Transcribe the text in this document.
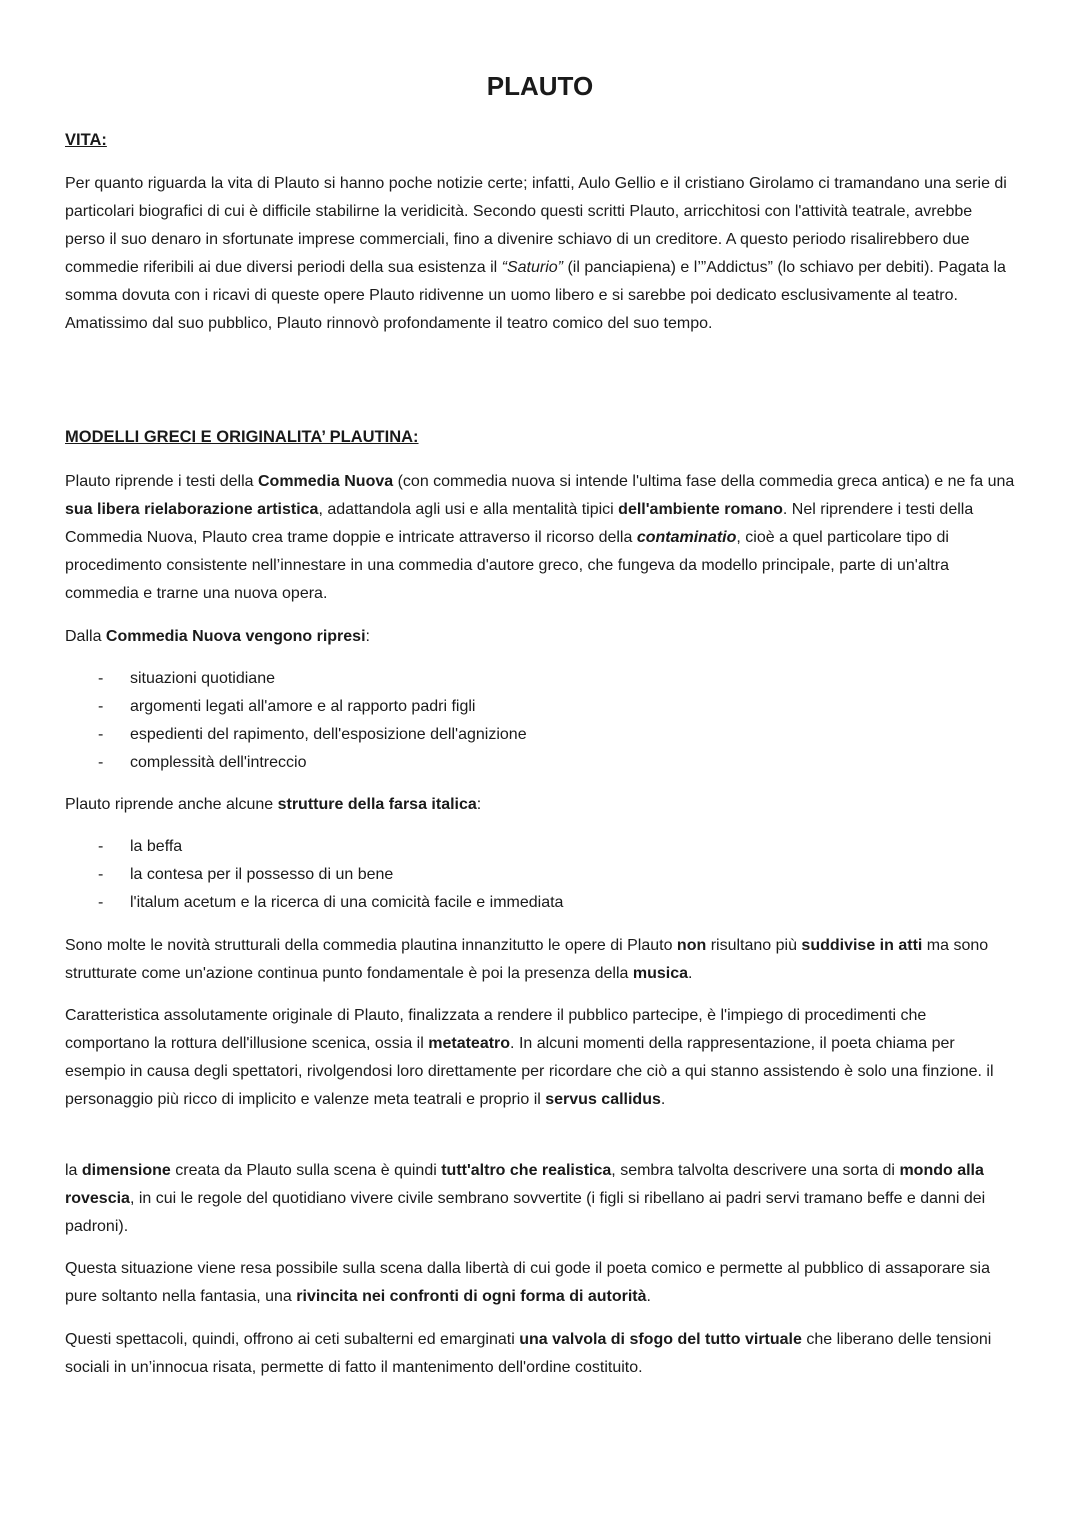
PLAUTO
VITA:

Per quanto riguarda la vita di Plauto si hanno poche notizie certe; infatti, Aulo Gellio e il cristiano Girolamo ci tramandano una serie di particolari biografici di cui è difficile stabilirne la veridicità. Secondo questi scritti Plauto, arricchitosi con l'attività teatrale, avrebbe perso il suo denaro in sfortunate imprese commerciali, fino a divenire schiavo di un creditore. A questo periodo risalirebbero due commedie riferibili ai due diversi periodi della sua esistenza il “Saturio” (il panciapiena) e l’”Addictus” (lo schiavo per debiti). Pagata la somma dovuta con i ricavi di queste opere Plauto ridivenne un uomo libero e si sarebbe poi dedicato esclusivamente al teatro. Amatissimo dal suo pubblico, Plauto rinnovò profondamente il teatro comico del suo tempo.

MODELLI GRECI E ORIGINALITA’ PLAUTINA:

Plauto riprende i testi della Commedia Nuova (con commedia nuova si intende l'ultima fase della commedia greca antica) e ne fa una sua libera rielaborazione artistica, adattandola agli usi e alla mentalità tipici dell'ambiente romano. Nel riprendere i testi della Commedia Nuova, Plauto crea trame doppie e intricate attraverso il ricorso della contaminatio, cioè a quel particolare tipo di procedimento consistente nell’innestare in una commedia d'autore greco, che fungeva da modello principale, parte di un'altra commedia e trarne una nuova opera.

Dalla Commedia Nuova vengono ripresi:

- situazioni quotidiane
- argomenti legati all'amore e al rapporto padri figli
- espedienti del rapimento, dell'esposizione dell'agnizione
- complessità dell'intreccio

Plauto riprende anche alcune strutture della farsa italica:

- la beffa
- la contesa per il possesso di un bene
- l'italum acetum e la ricerca di una comicità facile e immediata

Sono molte le novità strutturali della commedia plautina innanzitutto le opere di Plauto non risultano più suddivise in atti ma sono strutturate come un'azione continua punto fondamentale è poi la presenza della musica.

Caratteristica assolutamente originale di Plauto, finalizzata a rendere il pubblico partecipe, è l'impiego di procedimenti che comportano la rottura dell'illusione scenica, ossia il metateatro. In alcuni momenti della rappresentazione, il poeta chiama per esempio in causa degli spettatori, rivolgendosi loro direttamente per ricordare che ciò a qui stanno assistendo è solo una finzione. il personaggio più ricco di implicito e valenze meta teatrali e proprio il servus callidus.

la dimensione creata da Plauto sulla scena è quindi tutt'altro che realistica, sembra talvolta descrivere una sorta di mondo alla rovescia, in cui le regole del quotidiano vivere civile sembrano sovvertite (i figli si ribellano ai padri servi tramano beffe e danni dei padroni).

Questa situazione viene resa possibile sulla scena dalla libertà di cui gode il poeta comico e permette al pubblico di assaporare sia pure soltanto nella fantasia, una rivincita nei confronti di ogni forma di autorità.

Questi spettacoli, quindi, offrono ai ceti subalterni ed emarginati una valvola di sfogo del tutto virtuale che liberano delle tensioni sociali in un’innocua risata, permette di fatto il mantenimento dell'ordine costituito.
